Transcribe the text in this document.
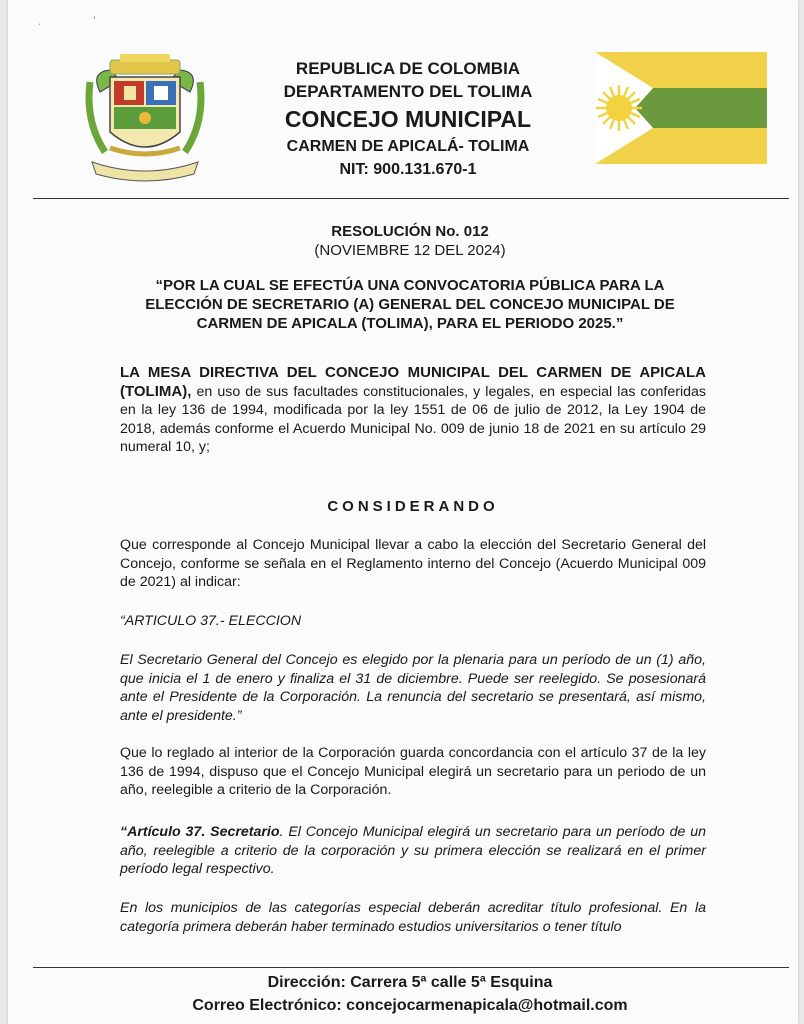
ˌ                     ′
REPUBLICA DE COLOMBIA
DEPARTAMENTO DEL TOLIMA
CONCEJO MUNICIPAL
CARMEN DE APICALÁ- TOLIMA
NIT: 900.131.670-1
RESOLUCIÓN No. 012
(NOVIEMBRE 12 DEL 2024)
“POR LA CUAL SE EFECTÚA UNA CONVOCATORIA PÚBLICA PARA LA ELECCIÓN DE SECRETARIO (A) GENERAL DEL CONCEJO MUNICIPAL DE CARMEN DE APICALA (TOLIMA), PARA EL PERIODO 2025.”
LA MESA DIRECTIVA DEL CONCEJO MUNICIPAL DEL CARMEN DE APICALA (TOLIMA), en uso de sus facultades constitucionales, y legales, en especial las conferidas en la ley 136 de 1994, modificada por la ley 1551 de 06 de julio de 2012, la Ley 1904 de 2018, además conforme el Acuerdo Municipal No. 009 de junio 18 de 2021 en su artículo 29 numeral 10, y;
CONSIDERANDO
Que corresponde al Concejo Municipal llevar a cabo la elección del Secretario General del Concejo, conforme se señala en el Reglamento interno del Concejo (Acuerdo Municipal 009 de 2021) al indicar:
“ARTICULO 37.- ELECCION
El Secretario General del Concejo es elegido por la plenaria para un período de un (1) año, que inicia el 1 de enero y finaliza el 31 de diciembre. Puede ser reelegido. Se posesionará ante el Presidente de la Corporación. La renuncia del secretario se presentará, así mismo, ante el presidente.”
Que lo reglado al interior de la Corporación guarda concordancia con el artículo 37 de la ley 136 de 1994, dispuso que el Concejo Municipal elegirá un secretario para un periodo de un año, reelegible a criterio de la Corporación.
“Artículo 37. Secretario. El Concejo Municipal elegirá un secretario para un período de un año, reelegible a criterio de la corporación y su primera elección se realizará en el primer período legal respectivo.
En los municipios de las categorías especial deberán acreditar título profesional. En la categoría primera deberán haber terminado estudios universitarios o tener título
Dirección: Carrera 5ª calle 5ª Esquina
Correo Electrónico: concejocarmenapicala@hotmail.com
